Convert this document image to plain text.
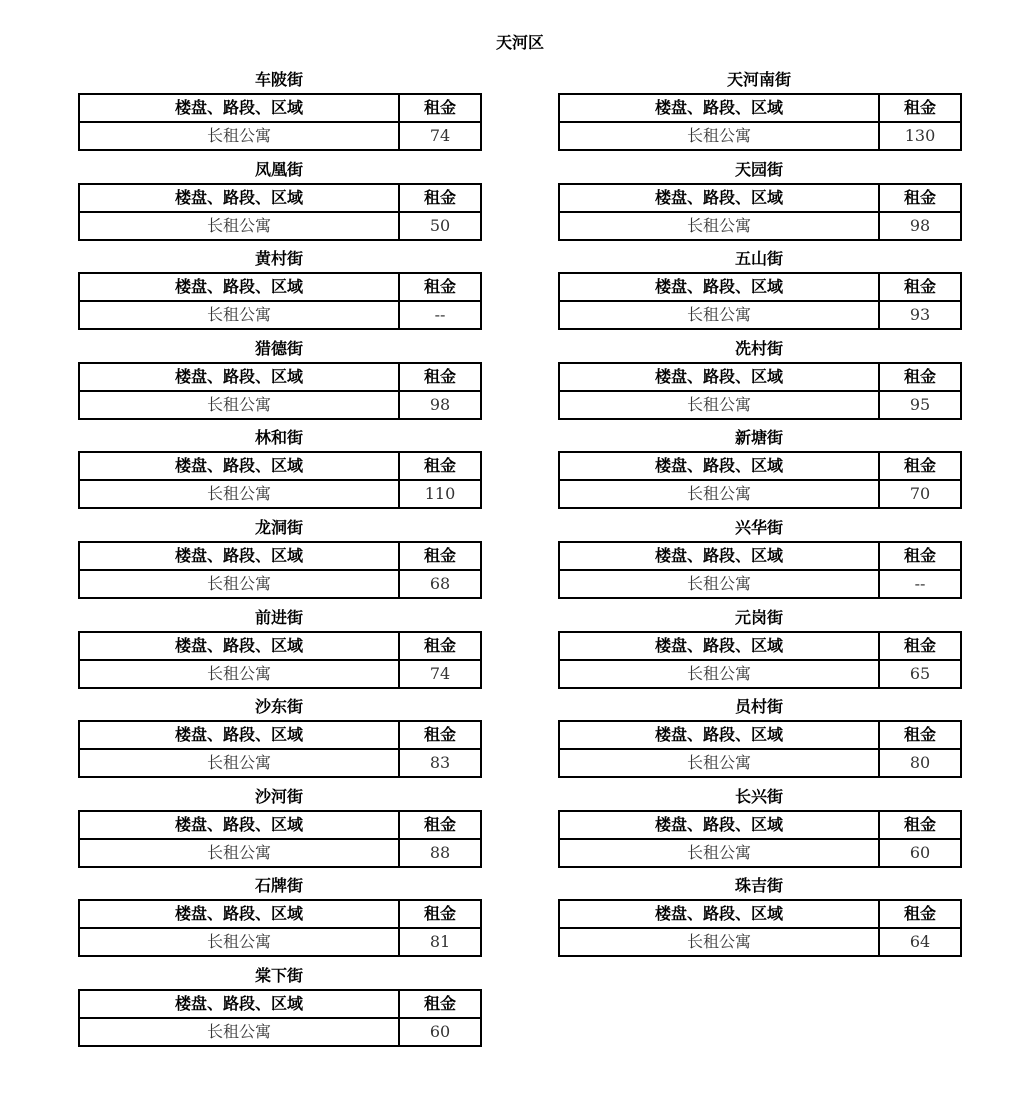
天河区
车陂街
楼盘、路段、区域	租金
长租公寓	74
凤凰街
楼盘、路段、区域	租金
长租公寓	50
黄村街
楼盘、路段、区域	租金
长租公寓	--
猎德街
楼盘、路段、区域	租金
长租公寓	98
林和街
楼盘、路段、区域	租金
长租公寓	110
龙洞街
楼盘、路段、区域	租金
长租公寓	68
前进街
楼盘、路段、区域	租金
长租公寓	74
沙东街
楼盘、路段、区域	租金
长租公寓	83
沙河街
楼盘、路段、区域	租金
长租公寓	88
石牌街
楼盘、路段、区域	租金
长租公寓	81
棠下街
楼盘、路段、区域	租金
长租公寓	60
天河南街
楼盘、路段、区域	租金
长租公寓	130
天园街
楼盘、路段、区域	租金
长租公寓	98
五山街
楼盘、路段、区域	租金
长租公寓	93
冼村街
楼盘、路段、区域	租金
长租公寓	95
新塘街
楼盘、路段、区域	租金
长租公寓	70
兴华街
楼盘、路段、区域	租金
长租公寓	--
元岗街
楼盘、路段、区域	租金
长租公寓	65
员村街
楼盘、路段、区域	租金
长租公寓	80
长兴街
楼盘、路段、区域	租金
长租公寓	60
珠吉街
楼盘、路段、区域	租金
长租公寓	64
